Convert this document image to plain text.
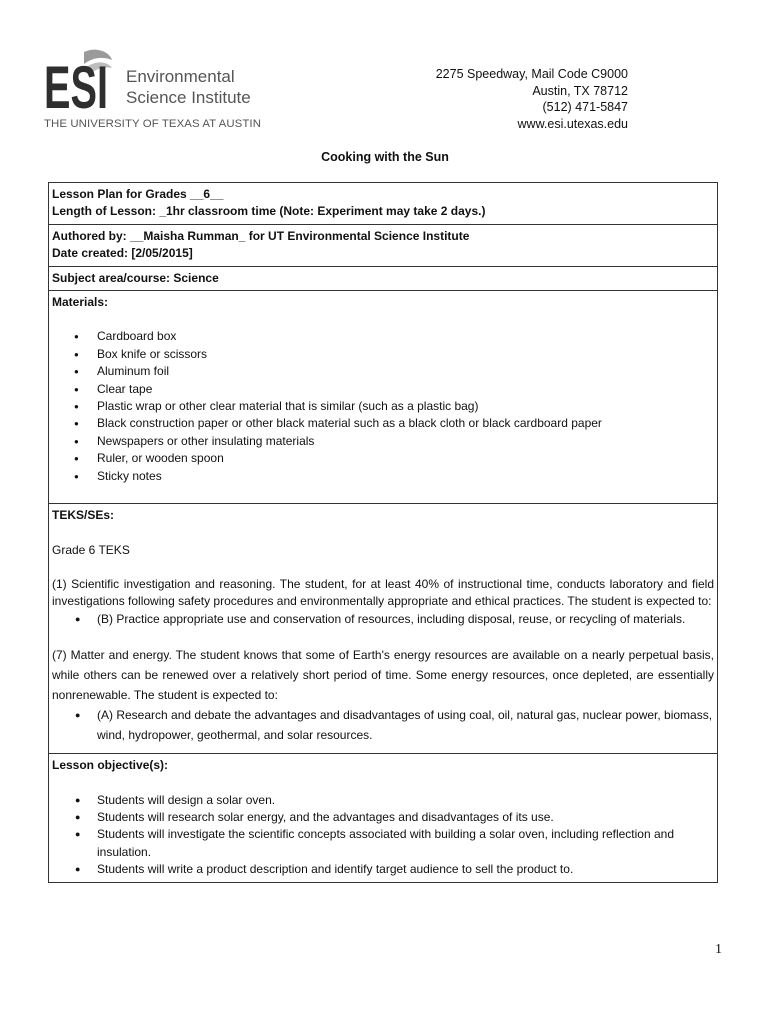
ESI Environmental
Science Institute
THE UNIVERSITY OF TEXAS AT AUSTIN
2275 Speedway, Mail Code C9000
Austin, TX 78712
(512) 471-5847
www.esi.utexas.edu
Cooking with the Sun
Lesson Plan for Grades __6__
Length of Lesson: _1hr classroom time (Note: Experiment may take 2 days.)
Authored by: __Maisha Rumman_ for UT Environmental Science Institute
Date created: [2/05/2015]
Subject area/course: Science
Materials:
● Cardboard box
● Box knife or scissors
● Aluminum foil
● Clear tape
● Plastic wrap or other clear material that is similar (such as a plastic bag)
● Black construction paper or other black material such as a black cloth or black cardboard paper
● Newspapers or other insulating materials
● Ruler, or wooden spoon
● Sticky notes
TEKS/SEs:
Grade 6 TEKS
(1) Scientific investigation and reasoning. The student, for at least 40% of instructional time, conducts laboratory and field investigations following safety procedures and environmentally appropriate and ethical practices. The student is expected to:
● (B) Practice appropriate use and conservation of resources, including disposal, reuse, or recycling of materials.
(7) Matter and energy. The student knows that some of Earth's energy resources are available on a nearly perpetual basis, while others can be renewed over a relatively short period of time. Some energy resources, once depleted, are essentially nonrenewable. The student is expected to:
● (A) Research and debate the advantages and disadvantages of using coal, oil, natural gas, nuclear power, biomass, wind, hydropower, geothermal, and solar resources.
Lesson objective(s):
● Students will design a solar oven.
● Students will research solar energy, and the advantages and disadvantages of its use.
● Students will investigate the scientific concepts associated with building a solar oven, including reflection and insulation.
● Students will write a product description and identify target audience to sell the product to.
1
